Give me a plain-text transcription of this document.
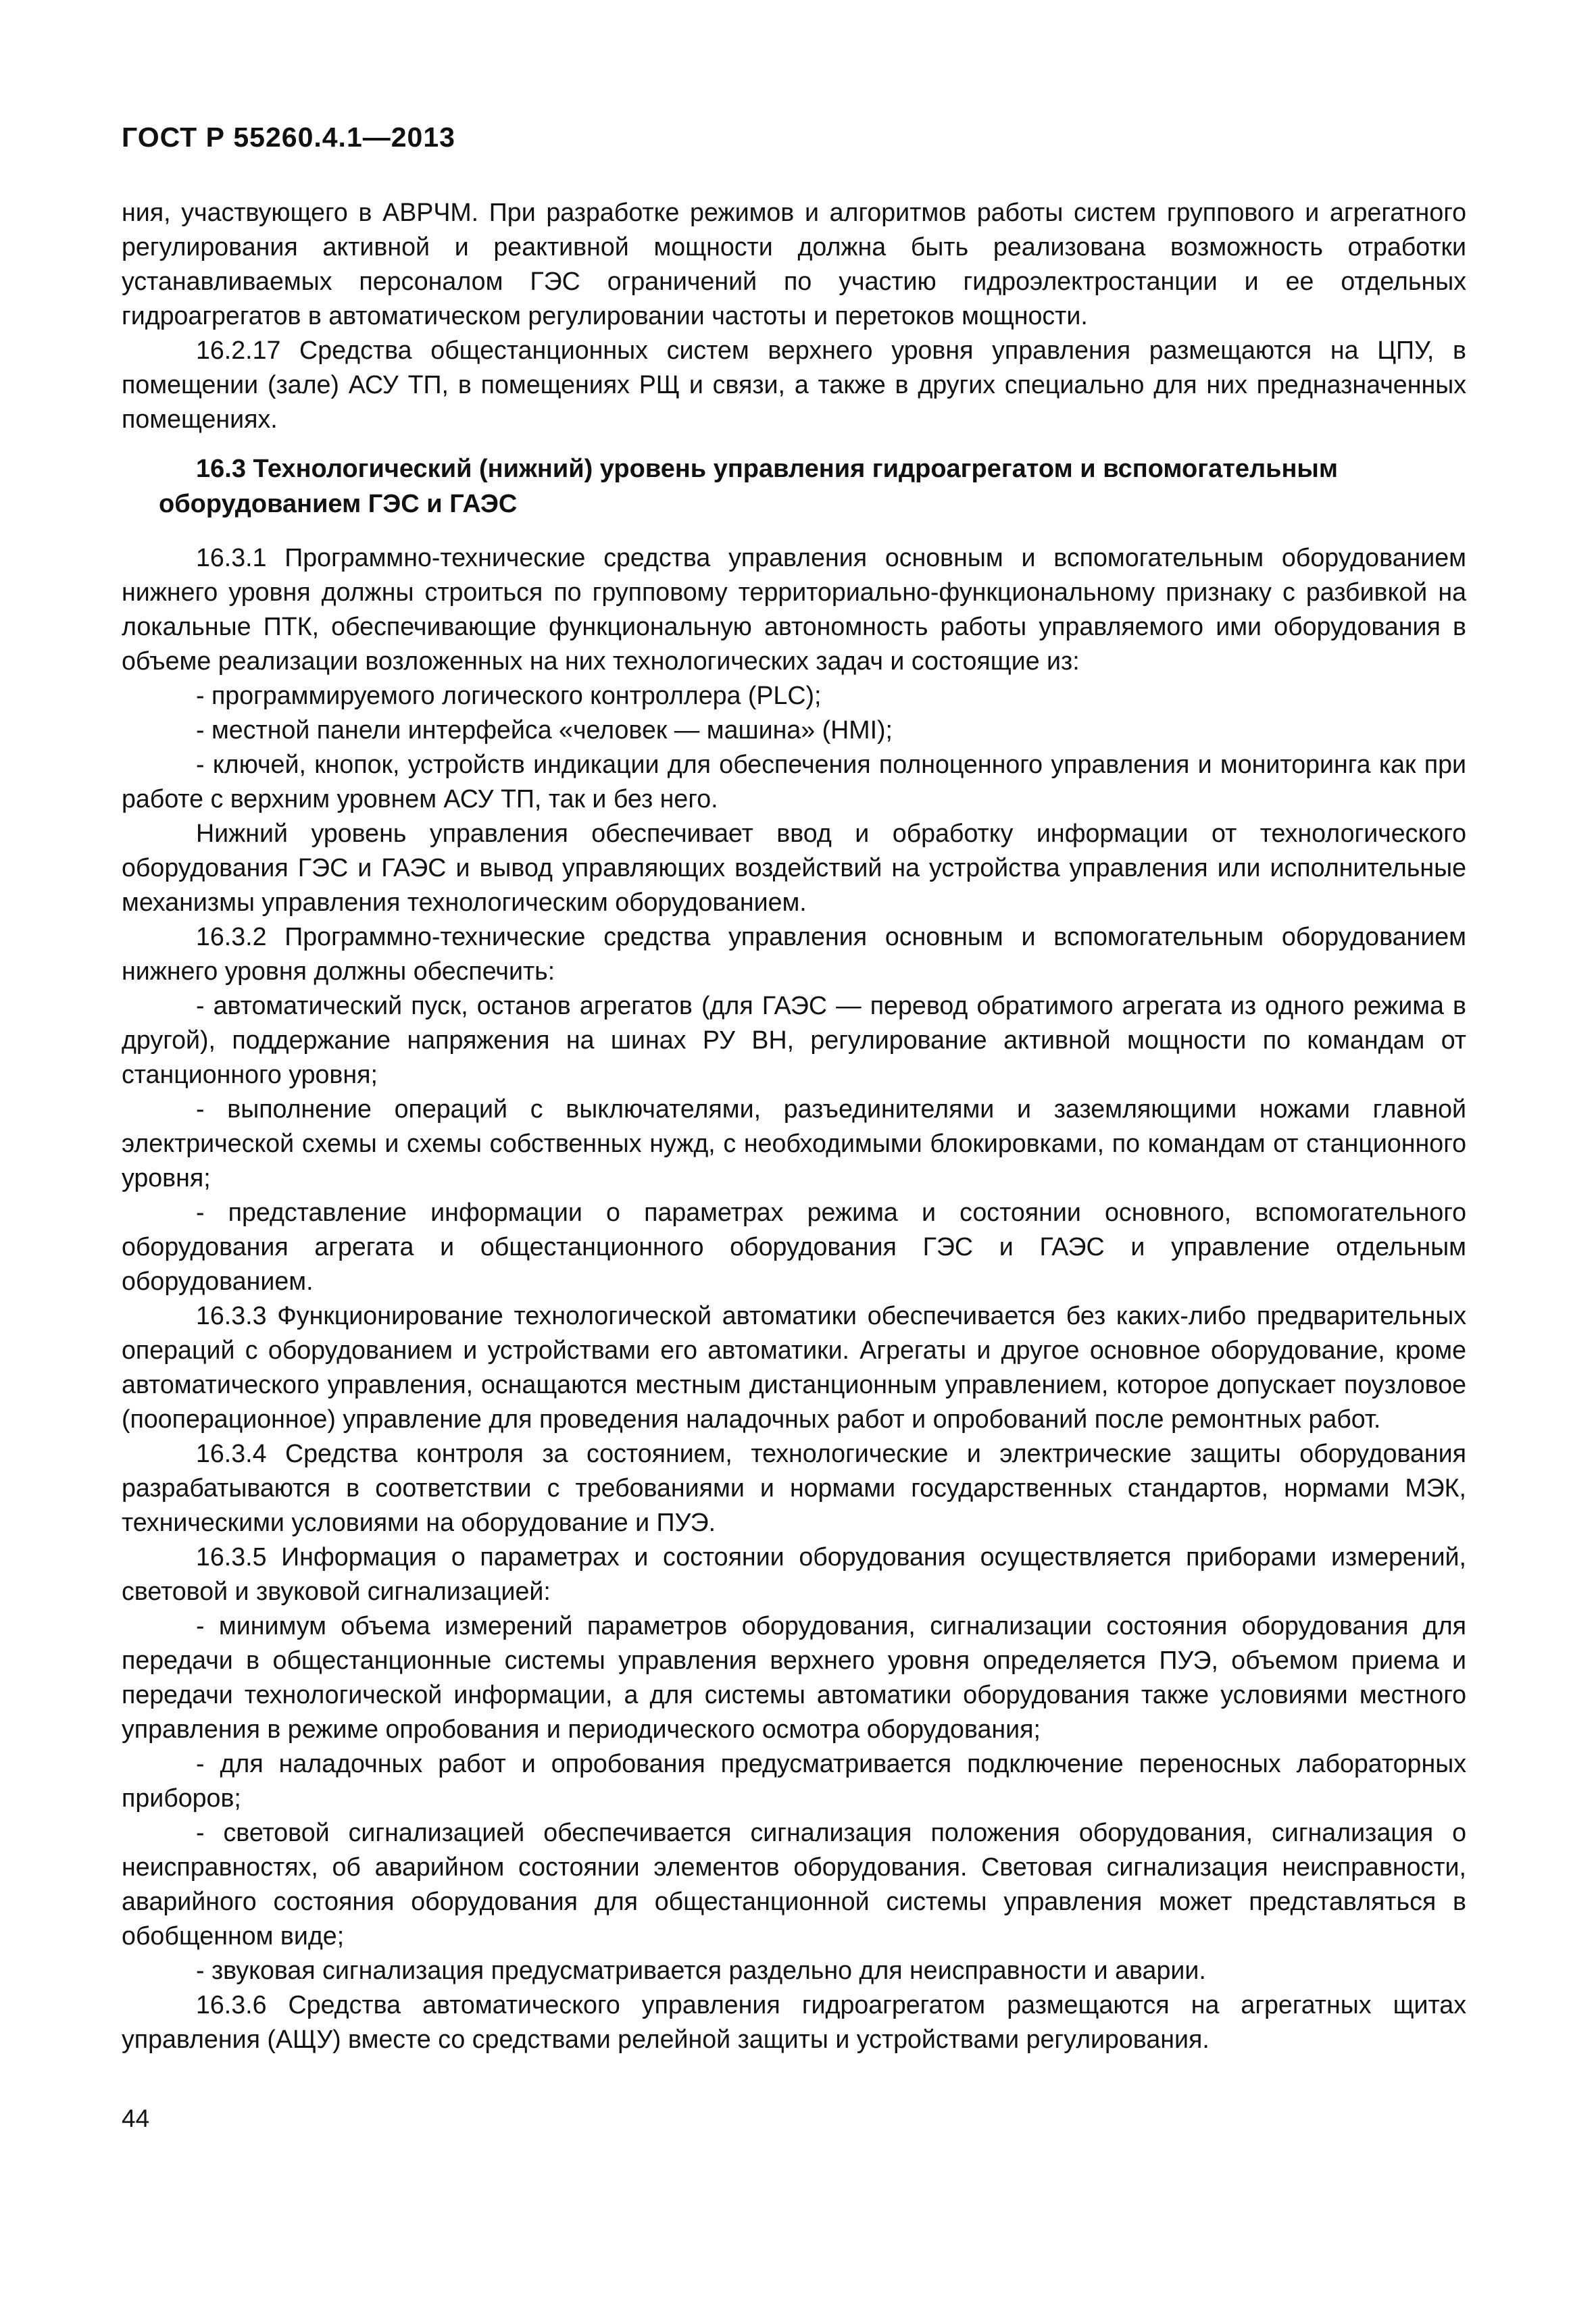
ГОСТ Р 55260.4.1—2013

ния, участвующего в АВРЧМ. При разработке режимов и алгоритмов работы систем группового и агрегатного регулирования активной и реактивной мощности должна быть реализована возможность отработки устанавливаемых персоналом ГЭС ограничений по участию гидроэлектростанции и ее отдельных гидроагрегатов в автоматическом регулировании частоты и перетоков мощности.

16.2.17 Средства общестанционных систем верхнего уровня управления размещаются на ЦПУ, в помещении (зале) АСУ ТП, в помещениях РЩ и связи, а также в других специально для них предназначенных помещениях.

16.3 Технологический (нижний) уровень управления гидроагрегатом и вспомогательным оборудованием ГЭС и ГАЭС

16.3.1 Программно-технические средства управления основным и вспомогательным оборудованием нижнего уровня должны строиться по групповому территориально-функциональному признаку с разбивкой на локальные ПТК, обеспечивающие функциональную автономность работы управляемого ими оборудования в объеме реализации возложенных на них технологических задач и состоящие из:

- программируемого логического контроллера (PLC);

- местной панели интерфейса «человек — машина» (HMI);

- ключей, кнопок, устройств индикации для обеспечения полноценного управления и мониторинга как при работе с верхним уровнем АСУ ТП, так и без него.

Нижний уровень управления обеспечивает ввод и обработку информации от технологического оборудования ГЭС и ГАЭС и вывод управляющих воздействий на устройства управления или исполнительные механизмы управления технологическим оборудованием.

16.3.2 Программно-технические средства управления основным и вспомогательным оборудованием нижнего уровня должны обеспечить:

- автоматический пуск, останов агрегатов (для ГАЭС — перевод обратимого агрегата из одного режима в другой), поддержание напряжения на шинах РУ ВН, регулирование активной мощности по командам от станционного уровня;

- выполнение операций с выключателями, разъединителями и заземляющими ножами главной электрической схемы и схемы собственных нужд, с необходимыми блокировками, по командам от станционного уровня;

- представление информации о параметрах режима и состоянии основного, вспомогательного оборудования агрегата и общестанционного оборудования ГЭС и ГАЭС и управление отдельным оборудованием.

16.3.3 Функционирование технологической автоматики обеспечивается без каких-либо предварительных операций с оборудованием и устройствами его автоматики. Агрегаты и другое основное оборудование, кроме автоматического управления, оснащаются местным дистанционным управлением, которое допускает поузловое (пооперационное) управление для проведения наладочных работ и опробований после ремонтных работ.

16.3.4 Средства контроля за состоянием, технологические и электрические защиты оборудования разрабатываются в соответствии с требованиями и нормами государственных стандартов, нормами МЭК, техническими условиями на оборудование и ПУЭ.

16.3.5 Информация о параметрах и состоянии оборудования осуществляется приборами измерений, световой и звуковой сигнализацией:

- минимум объема измерений параметров оборудования, сигнализации состояния оборудования для передачи в общестанционные системы управления верхнего уровня определяется ПУЭ, объемом приема и передачи технологической информации, а для системы автоматики оборудования также условиями местного управления в режиме опробования и периодического осмотра оборудования;

- для наладочных работ и опробования предусматривается подключение переносных лабораторных приборов;

- световой сигнализацией обеспечивается сигнализация положения оборудования, сигнализация о неисправностях, об аварийном состоянии элементов оборудования. Световая сигнализация неисправности, аварийного состояния оборудования для общестанционной системы управления может представляться в обобщенном виде;

- звуковая сигнализация предусматривается раздельно для неисправности и аварии.

16.3.6 Средства автоматического управления гидроагрегатом размещаются на агрегатных щитах управления (АЩУ) вместе со средствами релейной защиты и устройствами регулирования.

44
